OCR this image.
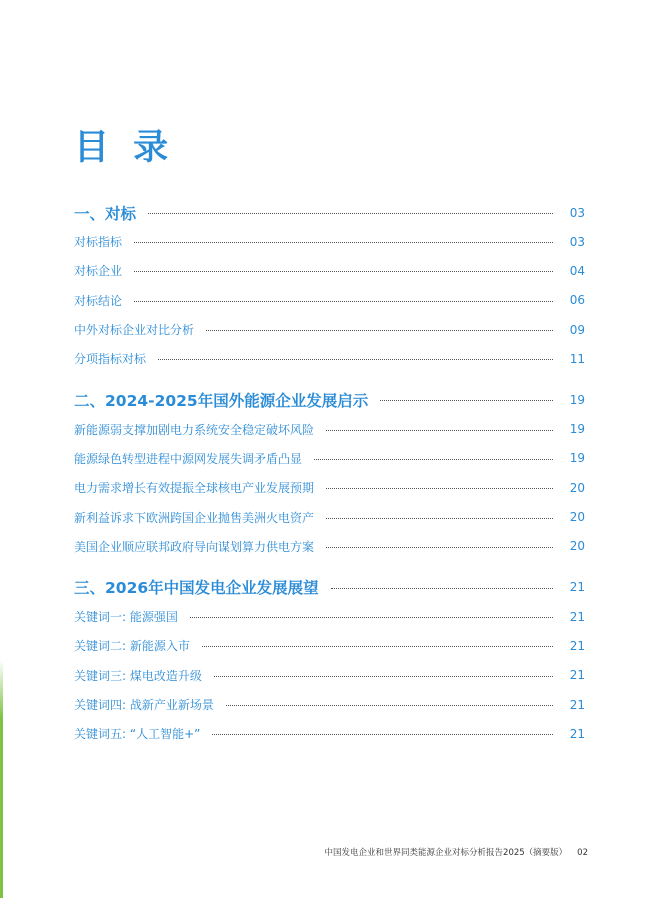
目 录
一、对标	03
对标指标	03
对标企业	04
对标结论	06
中外对标企业对比分析	09
分项指标对标	11
二、2024-2025年国外能源企业发展启示	19
新能源弱支撑加剧电力系统安全稳定破坏风险	19
能源绿色转型进程中源网发展失调矛盾凸显	19
电力需求增长有效提振全球核电产业发展预期	20
新利益诉求下欧洲跨国企业抛售美洲火电资产	20
美国企业顺应联邦政府导向谋划算力供电方案	20
三、2026年中国发电企业发展展望	21
关键词一: 能源强国	21
关键词二: 新能源入市	21
关键词三: 煤电改造升级	21
关键词四: 战新产业新场景	21
关键词五: “人工智能+”	21
中国发电企业和世界同类能源企业对标分析报告2025（摘要版） 02
